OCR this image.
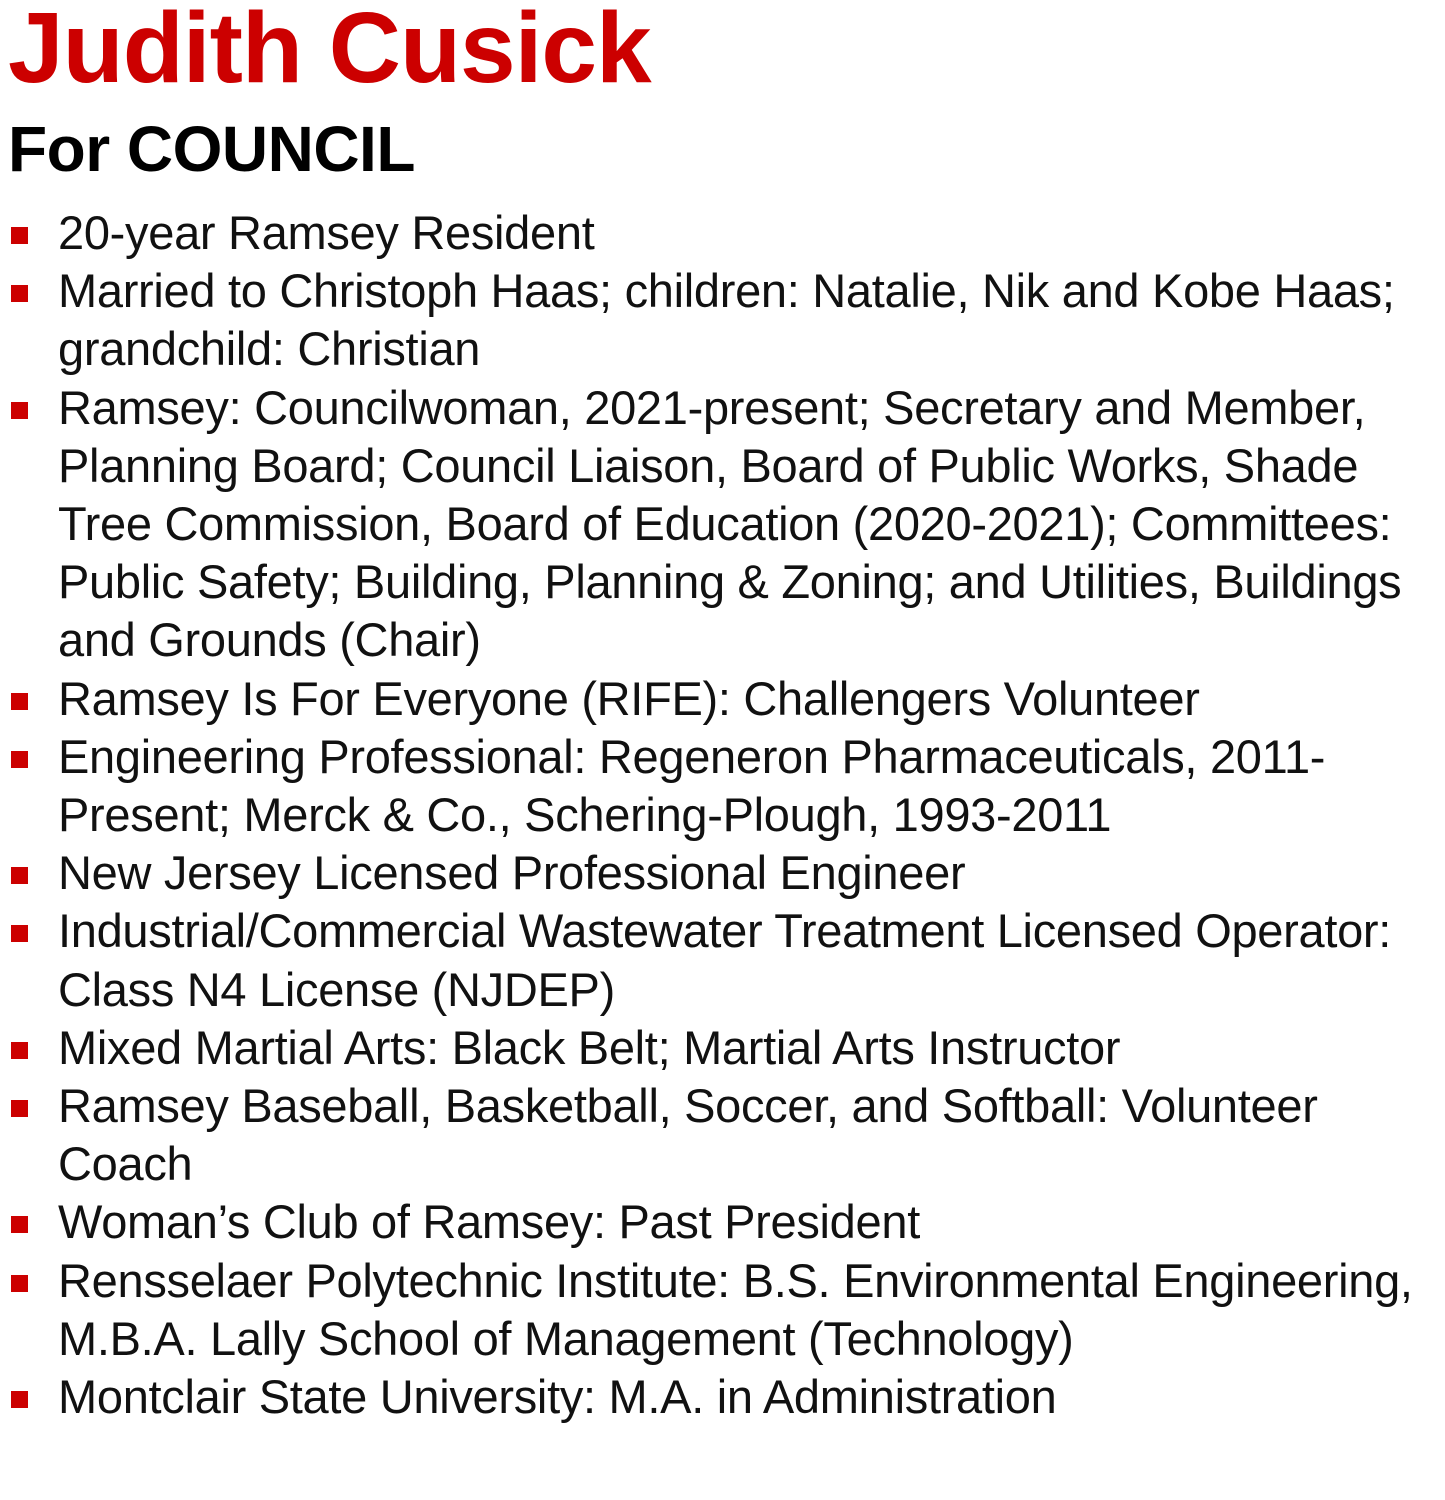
Judith Cusick
For COUNCIL
20-year Ramsey Resident
Married to Christoph Haas; children: Natalie, Nik and Kobe Haas; grandchild: Christian
Ramsey: Councilwoman, 2021-present; Secretary and Member, Planning Board; Council Liaison, Board of Public Works, Shade Tree Commission, Board of Education (2020-2021); Committees: Public Safety; Building, Planning & Zoning; and Utilities, Buildings and Grounds (Chair)
Ramsey Is For Everyone (RIFE): Challengers Volunteer
Engineering Professional: Regeneron Pharmaceuticals, 2011-Present; Merck & Co., Schering-Plough, 1993-2011
New Jersey Licensed Professional Engineer
Industrial/Commercial Wastewater Treatment Licensed Operator: Class N4 License (NJDEP)
Mixed Martial Arts: Black Belt; Martial Arts Instructor
Ramsey Baseball, Basketball, Soccer, and Softball: Volunteer Coach
Woman’s Club of Ramsey: Past President
Rensselaer Polytechnic Institute: B.S. Environmental Engineering, M.B.A. Lally School of Management (Technology)
Montclair State University: M.A. in Administration
